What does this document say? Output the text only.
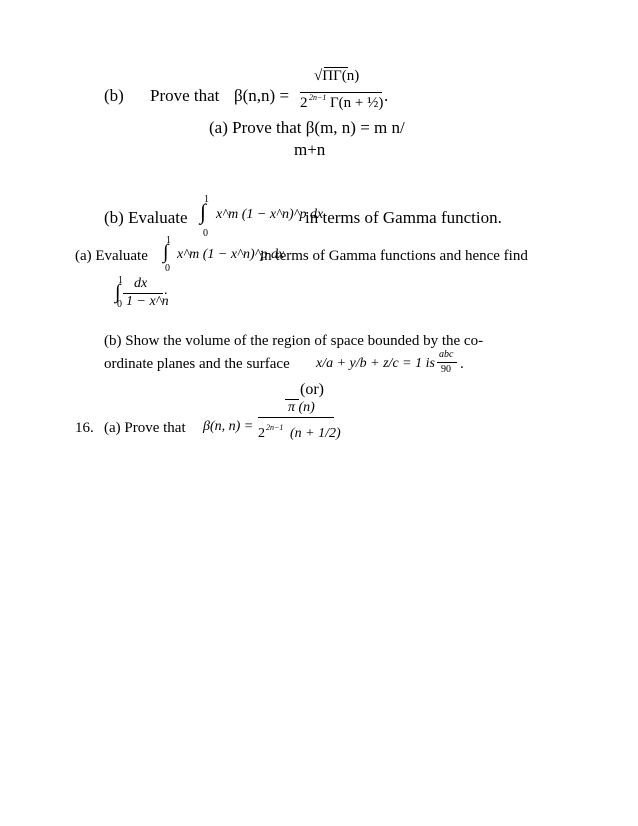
(b) Prove that β(n,n) =
√ΠΓ(n)
2 2n−1 Γ(n + ½) .
(a) Prove that β(m, n) = m n/
m+n
(b) Evaluate
1
∫
0
x^m (1 − x^n)^p dx
in terms of Gamma function.
(a) Evaluate
1
∫
0
x^m (1 − x^n)^p dx
in terms of Gamma functions and hence find
1
∫
0
dx
1 − x^n
.
(b) Show the volume of the region of space bounded by the co-
ordinate planes and the surface x/a + y/b + z/c = 1 is
abc
90 .
(or)
16. (a) Prove that β(n, n) =
π (n)
2 2n−1 (n + 1/2)
